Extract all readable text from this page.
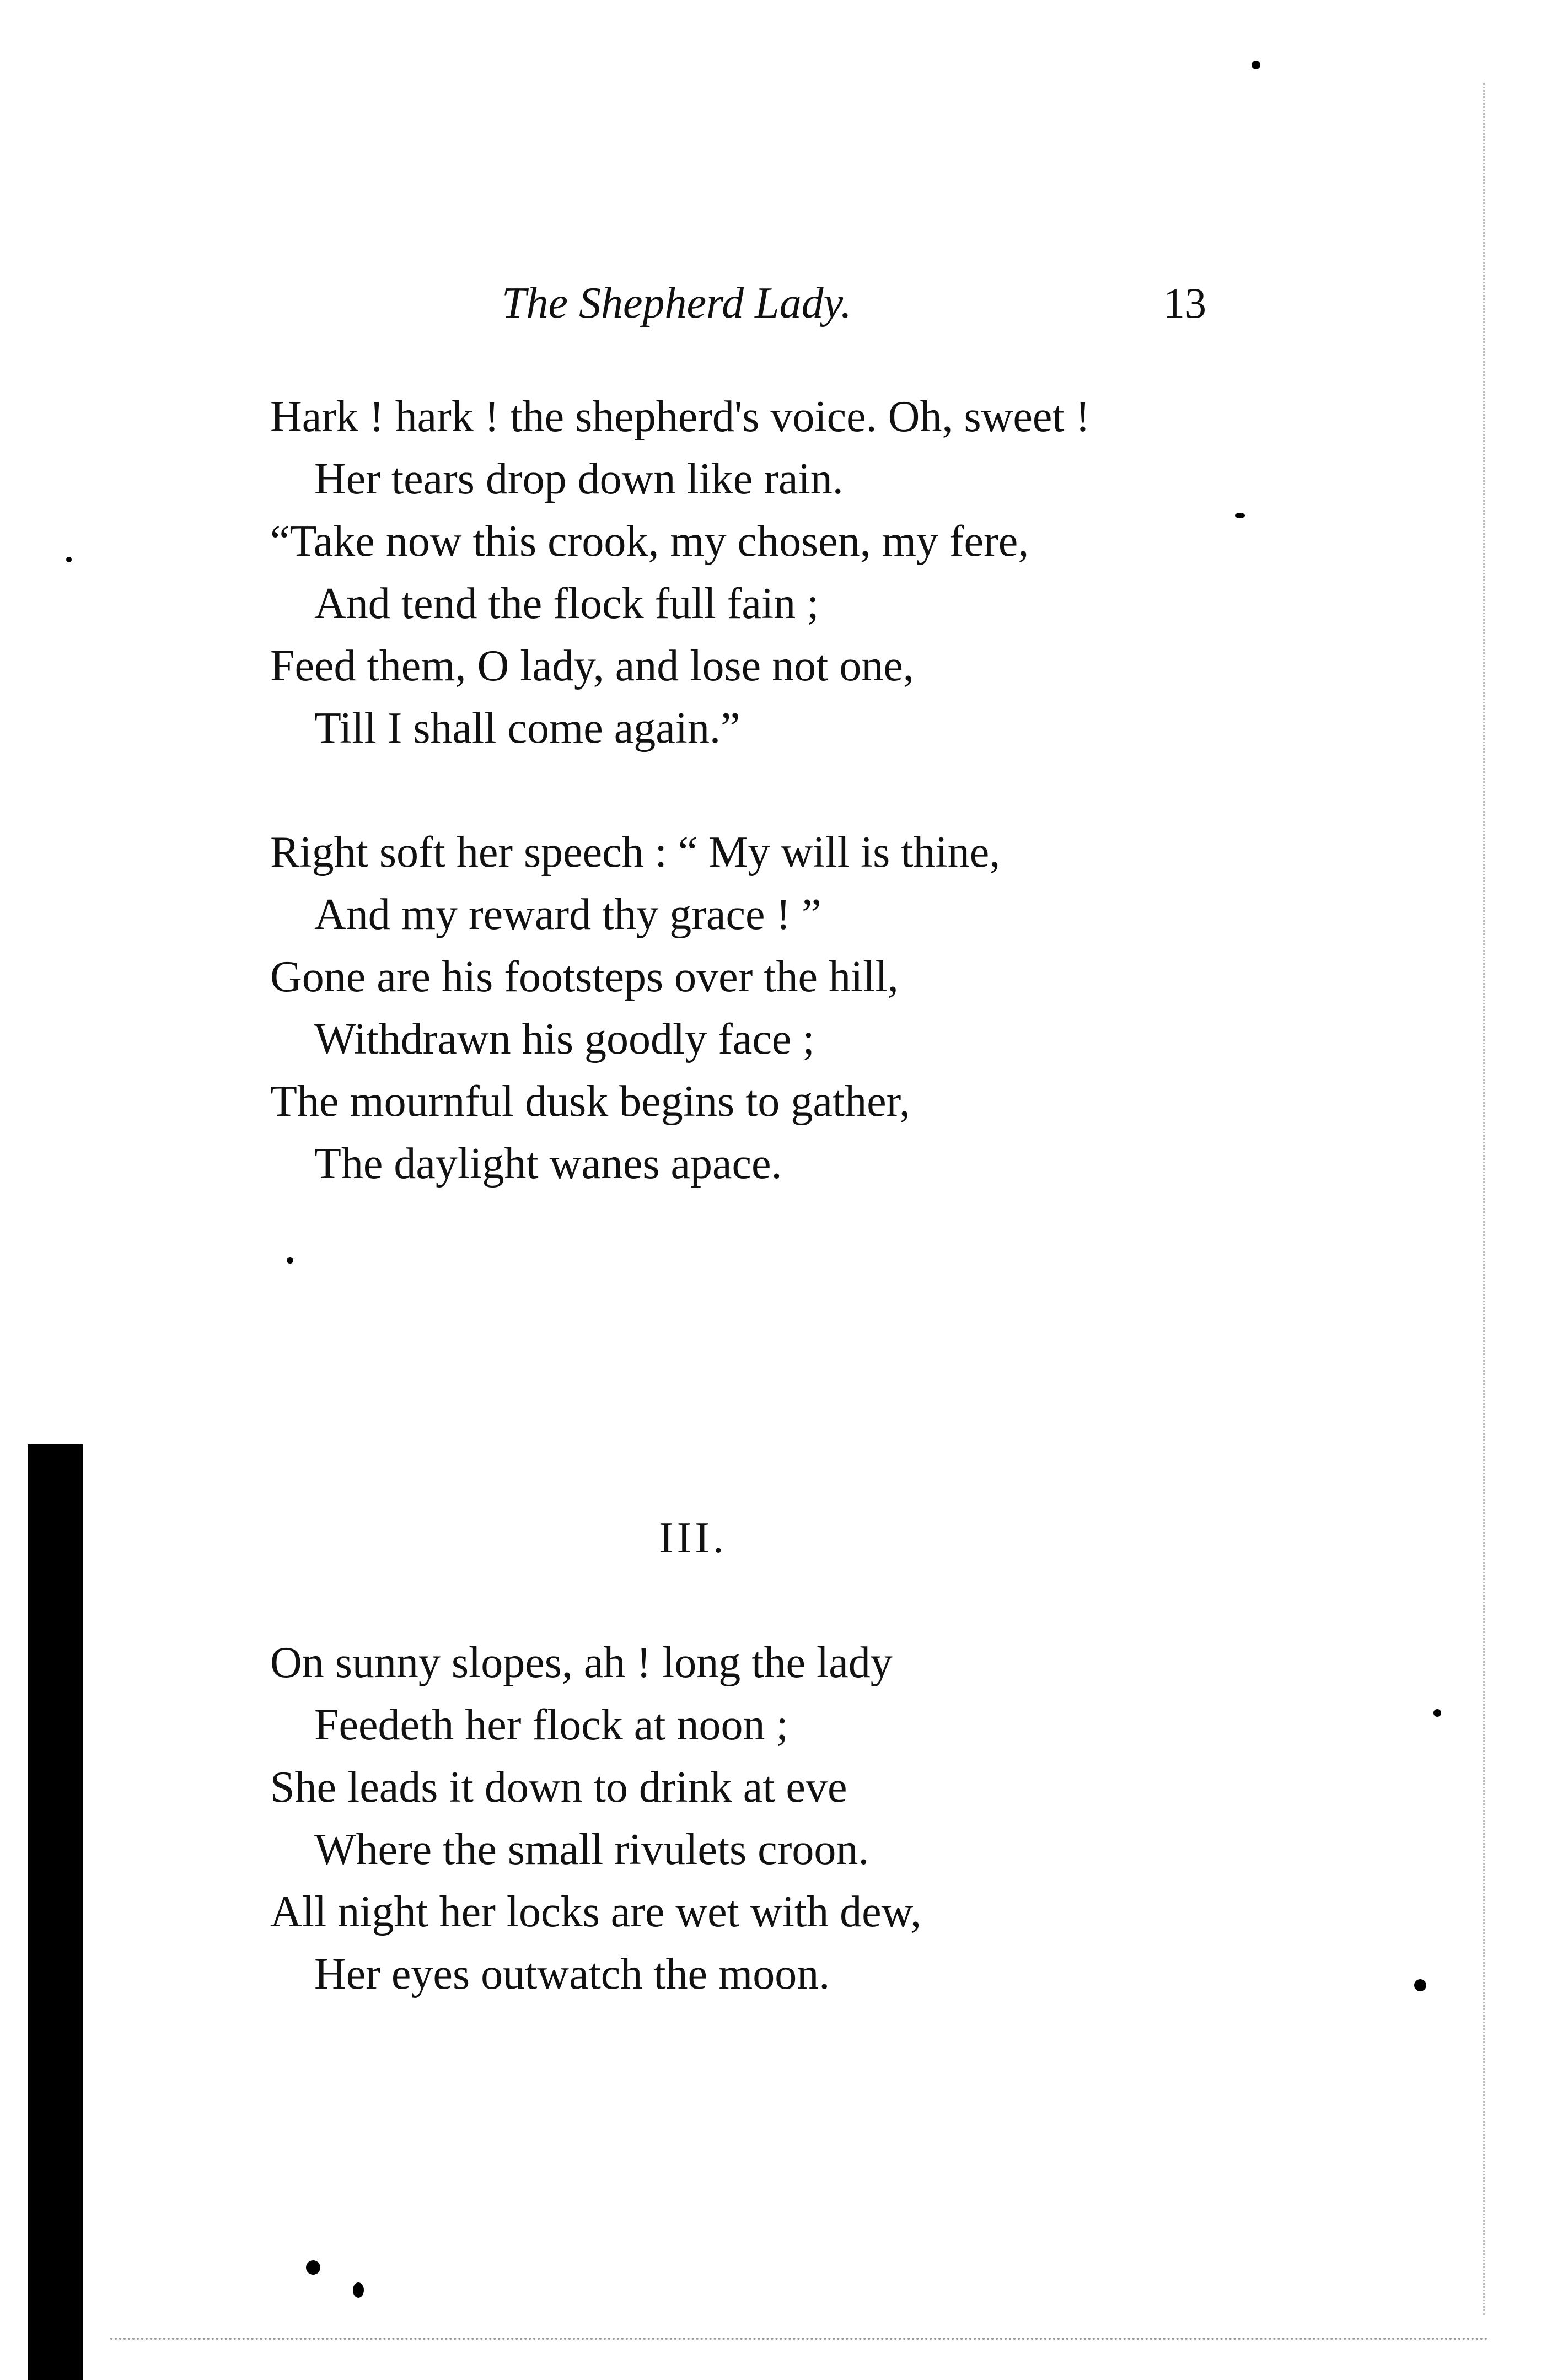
The Shepherd Lady.	13
Hark ! hark ! the shepherd's voice. Oh, sweet !
Her tears drop down like rain.
“Take now this crook, my chosen, my fere,
And tend the flock full fain ;
Feed them, O lady, and lose not one,
Till I shall come again.”
Right soft her speech : “ My will is thine,
And my reward thy grace ! ”
Gone are his footsteps over the hill,
Withdrawn his goodly face ;
The mournful dusk begins to gather,
The daylight wanes apace.
III.
On sunny slopes, ah ! long the lady
Feedeth her flock at noon ;
She leads it down to drink at eve
Where the small rivulets croon.
All night her locks are wet with dew,
Her eyes outwatch the moon.
